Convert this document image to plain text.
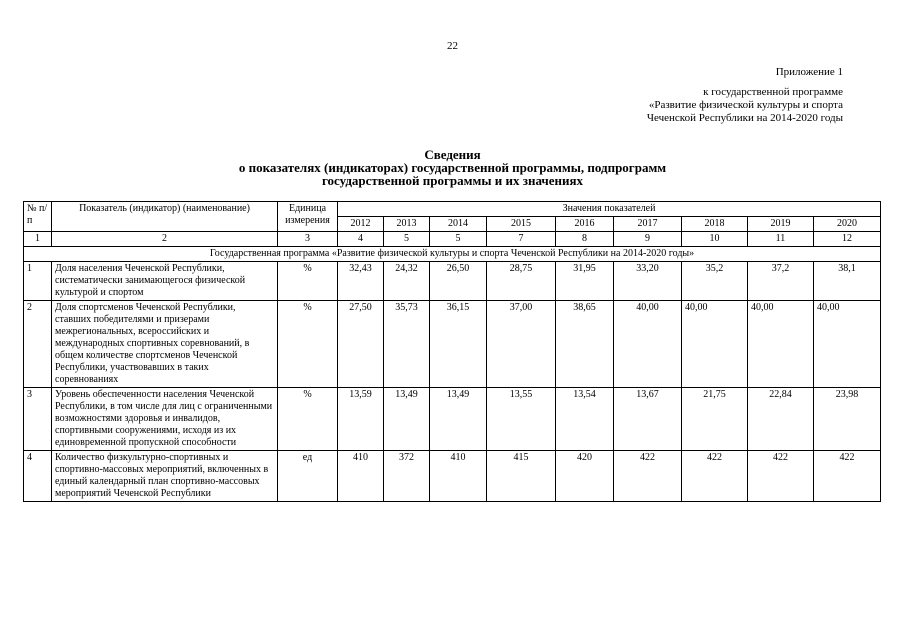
22
Приложение 1
к государственной программе
«Развитие физической культуры и спорта
Чеченской Республики на 2014-2020 годы
Сведения
о показателях (индикаторах) государственной программы, подпрограмм
государственной программы и их значениях
№ п/п	Показатель (индикатор) (наименование)	Единица измерения	Значения показателей								
			2012	2013	2014	2015	2016	2017	2018	2019	2020
1	2	3	4	5	5	7	8	9	10	11	12
Государственная программа «Развитие физической культуры и спорта Чеченской Республики на 2014-2020 годы»											
1	Доля населения Чеченской Республики, систематически занимающегося физической культурой и спортом	%	32,43	24,32	26,50	28,75	31,95	33,20	35,2	37,2	38,1
2	Доля спортсменов Чеченской Республики, ставших победителями и призерами межрегиональных, всероссийских и международных спортивных соревнований, в общем количестве спортсменов Чеченской Республики, участвовавших в таких соревнованиях	%	27,50	35,73	36,15	37,00	38,65	40,00	40,00	40,00	40,00
3	Уровень обеспеченности населения Чеченской Республики, в том числе для лиц с ограниченными возможностями здоровья и инвалидов, спортивными сооружениями, исходя из их единовременной пропускной способности	%	13,59	13,49	13,49	13,55	13,54	13,67	21,75	22,84	23,98
4	Количество физкультурно-спортивных и спортивно-массовых мероприятий, включенных в единый календарный план спортивно-массовых мероприятий Чеченской Республики	ед	410	372	410	415	420	422	422	422	422
